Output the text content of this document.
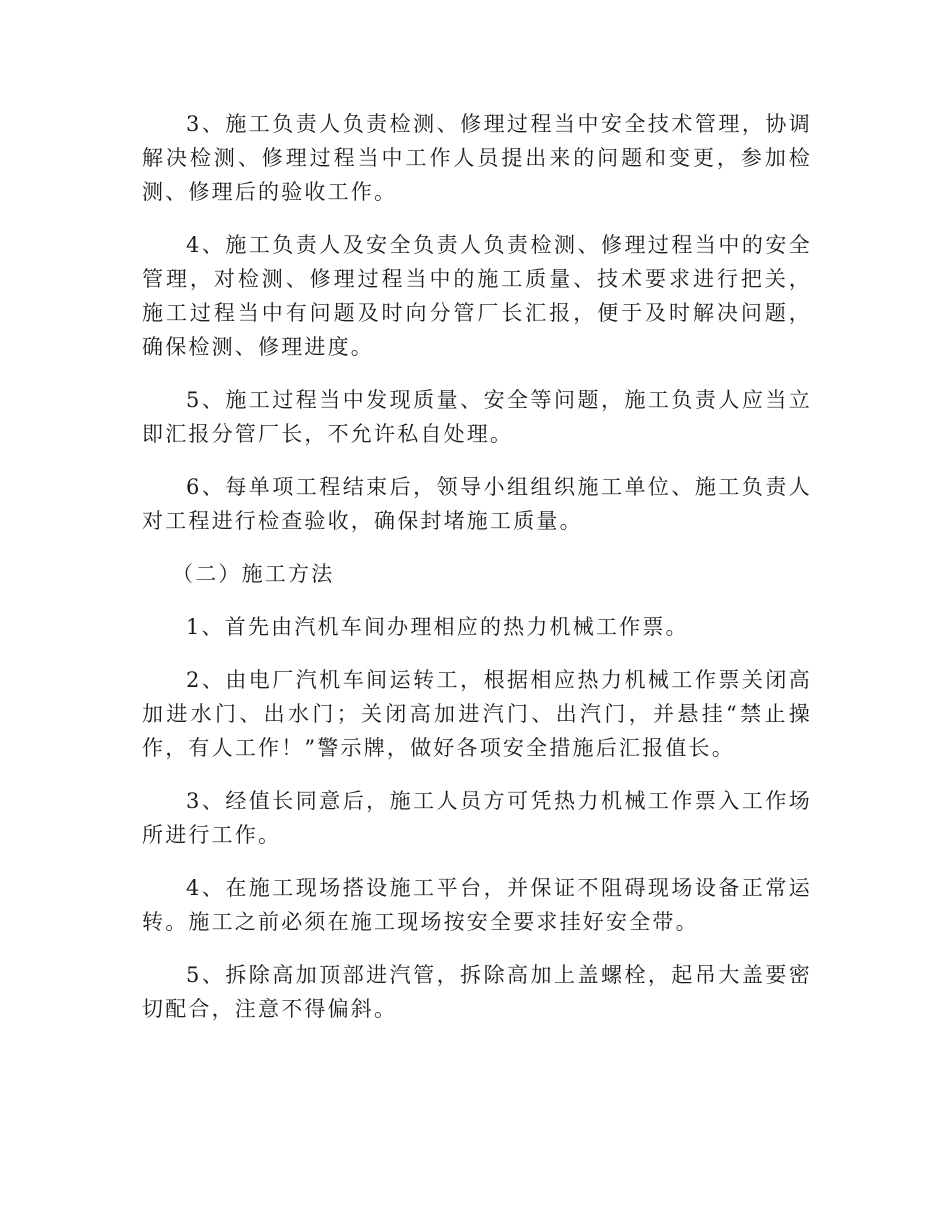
3、施工负责人负责检测、修理过程当中安全技术管理，协调解决检测、修理过程当中工作人员提出来的问题和变更，参加检测、修理后的验收工作。

4、施工负责人及安全负责人负责检测、修理过程当中的安全管理，对检测、修理过程当中的施工质量、技术要求进行把关，施工过程当中有问题及时向分管厂长汇报，便于及时解决问题，确保检测、修理进度。

5、施工过程当中发现质量、安全等问题，施工负责人应当立即汇报分管厂长，不允许私自处理。

6、每单项工程结束后，领导小组组织施工单位、施工负责人对工程进行检查验收，确保封堵施工质量。

（二）施工方法

1、首先由汽机车间办理相应的热力机械工作票。

2、由电厂汽机车间运转工，根据相应热力机械工作票关闭高加进水门、出水门；关闭高加进汽门、出汽门，并悬挂“禁止操作，有人工作！”警示牌，做好各项安全措施后汇报值长。

3、经值长同意后，施工人员方可凭热力机械工作票入工作场所进行工作。

4、在施工现场搭设施工平台，并保证不阻碍现场设备正常运转。施工之前必须在施工现场按安全要求挂好安全带。

5、拆除高加顶部进汽管，拆除高加上盖螺栓，起吊大盖要密切配合，注意不得偏斜。
